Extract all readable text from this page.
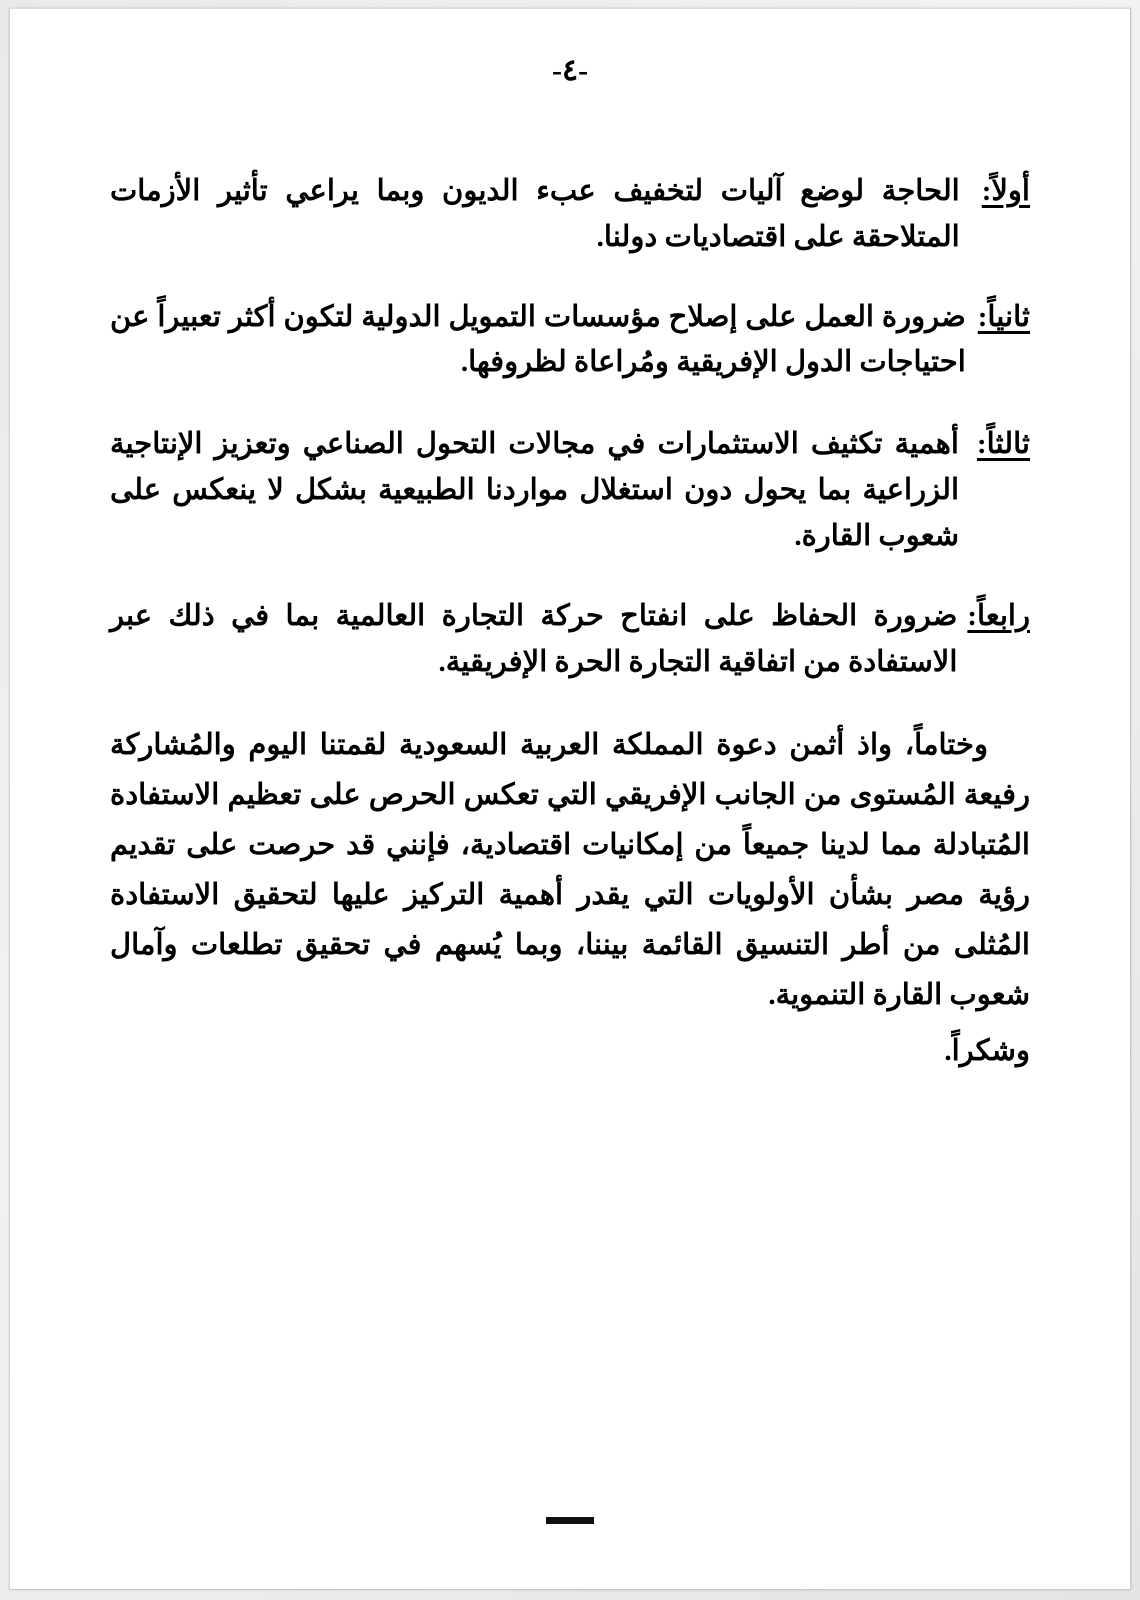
-٤-
أولاً:
الحاجة لوضع آليات لتخفيف عبء الديون وبما يراعي تأثير الأزمات المتلاحقة على اقتصاديات دولنا.
ثانياً:
ضرورة العمل على إصلاح مؤسسات التمويل الدولية لتكون أكثر تعبيراً عن احتياجات الدول الإفريقية ومُراعاة لظروفها.
ثالثاً:
أهمية تكثيف الاستثمارات في مجالات التحول الصناعي وتعزيز الإنتاجية الزراعية بما يحول دون استغلال مواردنا الطبيعية بشكل لا ينعكس على شعوب القارة.
رابعاً:
ضرورة الحفاظ على انفتاح حركة التجارة العالمية بما في ذلك عبر الاستفادة من اتفاقية التجارة الحرة الإفريقية.
وختاماً، واذ أثمن دعوة المملكة العربية السعودية لقمتنا اليوم والمُشاركة رفيعة المُستوى من الجانب الإفريقي التي تعكس الحرص على تعظيم الاستفادة المُتبادلة مما لدينا جميعاً من إمكانيات اقتصادية، فإنني قد حرصت على تقديم رؤية مصر بشأن الأولويات التي يقدر أهمية التركيز عليها لتحقيق الاستفادة المُثلى من أطر التنسيق القائمة بيننا، وبما يُسهم في تحقيق تطلعات وآمال شعوب القارة التنموية.
وشكراً.
